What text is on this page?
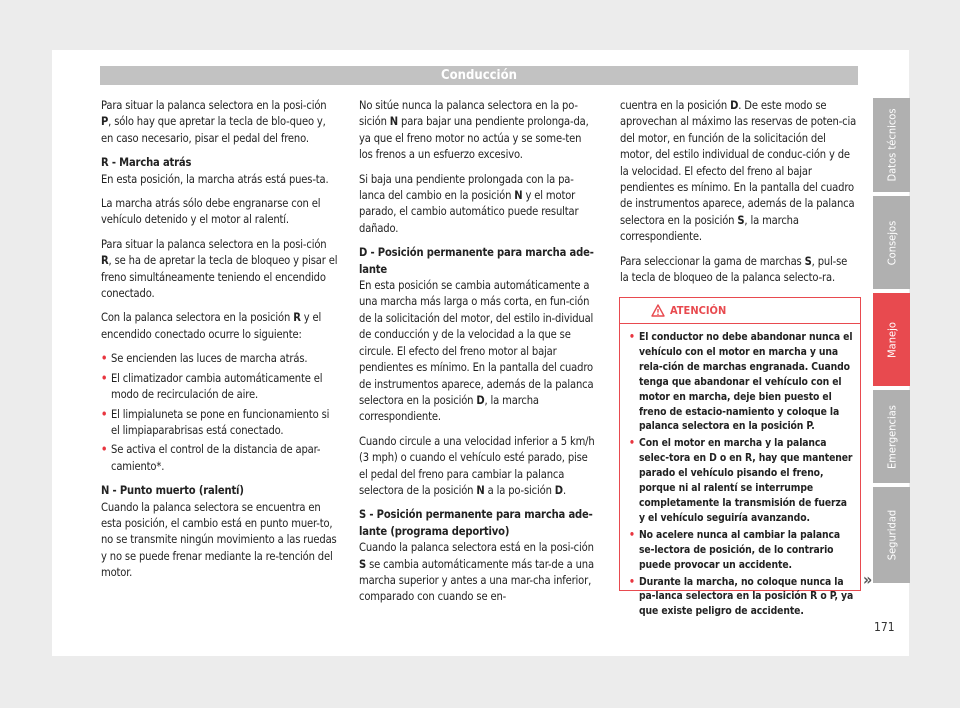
Conducción

Para situar la palanca selectora en la posi-ción P, sólo hay que apretar la tecla de blo-queo y, en caso necesario, pisar el pedal del freno.

R - Marcha atrás

En esta posición, la marcha atrás está pues-ta.

La marcha atrás sólo debe engranarse con el vehículo detenido y el motor al ralentí.

Para situar la palanca selectora en la posi-ción R, se ha de apretar la tecla de bloqueo y pisar el freno simultáneamente teniendo el encendido conectado.

Con la palanca selectora en la posición R y el encendido conectado ocurre lo siguiente:

• Se encienden las luces de marcha atrás.
• El climatizador cambia automáticamente el modo de recirculación de aire.
• El limpialuneta se pone en funcionamiento si el limpiaparabrisas está conectado.
• Se activa el control de la distancia de apar-camiento*.

N - Punto muerto (ralentí)

Cuando la palanca selectora se encuentra en esta posición, el cambio está en punto muer-to, no se transmite ningún movimiento a las ruedas y no se puede frenar mediante la re-tención del motor.

No sitúe nunca la palanca selectora en la po-sición N para bajar una pendiente prolonga-da, ya que el freno motor no actúa y se some-ten los frenos a un esfuerzo excesivo.

Si baja una pendiente prolongada con la pa-lanca del cambio en la posición N y el motor parado, el cambio automático puede resultar dañado.

D - Posición permanente para marcha ade-lante

En esta posición se cambia automáticamente a una marcha más larga o más corta, en fun-ción de la solicitación del motor, del estilo in-dividual de conducción y de la velocidad a la que se circule. El efecto del freno motor al bajar pendientes es mínimo. En la pantalla del cuadro de instrumentos aparece, además de la palanca selectora en la posición D, la marcha correspondiente.

Cuando circule a una velocidad inferior a 5 km/h (3 mph) o cuando el vehículo esté parado, pise el pedal del freno para cambiar la palanca selectora de la posición N a la po-sición D.

S - Posición permanente para marcha ade-lante (programa deportivo)

Cuando la palanca selectora está en la posi-ción S se cambia automáticamente más tar-de a una marcha superior y antes a una mar-cha inferior, comparado con cuando se en-

cuentra en la posición D. De este modo se aprovechan al máximo las reservas de poten-cia del motor, en función de la solicitación del motor, del estilo individual de conduc-ción y de la velocidad. El efecto del freno al bajar pendientes es mínimo. En la pantalla del cuadro de instrumentos aparece, además de la palanca selectora en la posición S, la marcha correspondiente.

Para seleccionar la gama de marchas S, pul-se la tecla de bloqueo de la palanca selecto-ra.

ATENCIÓN
• El conductor no debe abandonar nunca el vehículo con el motor en marcha y una rela-ción de marchas engranada. Cuando tenga que abandonar el vehículo con el motor en marcha, deje bien puesto el freno de estacio-namiento y coloque la palanca selectora en la posición P.
• Con el motor en marcha y la palanca selec-tora en D o en R, hay que mantener parado el vehículo pisando el freno, porque ni al ralentí se interrumpe completamente la transmisión de fuerza y el vehículo seguiría avanzando.
• No acelere nunca al cambiar la palanca se-lectora de posición, de lo contrario puede provocar un accidente.
• Durante la marcha, no coloque nunca la pa-lanca selectora en la posición R o P, ya que existe peligro de accidente.
»
Datos técnicos
Consejos
Manejo
Emergencias
Seguridad
171
